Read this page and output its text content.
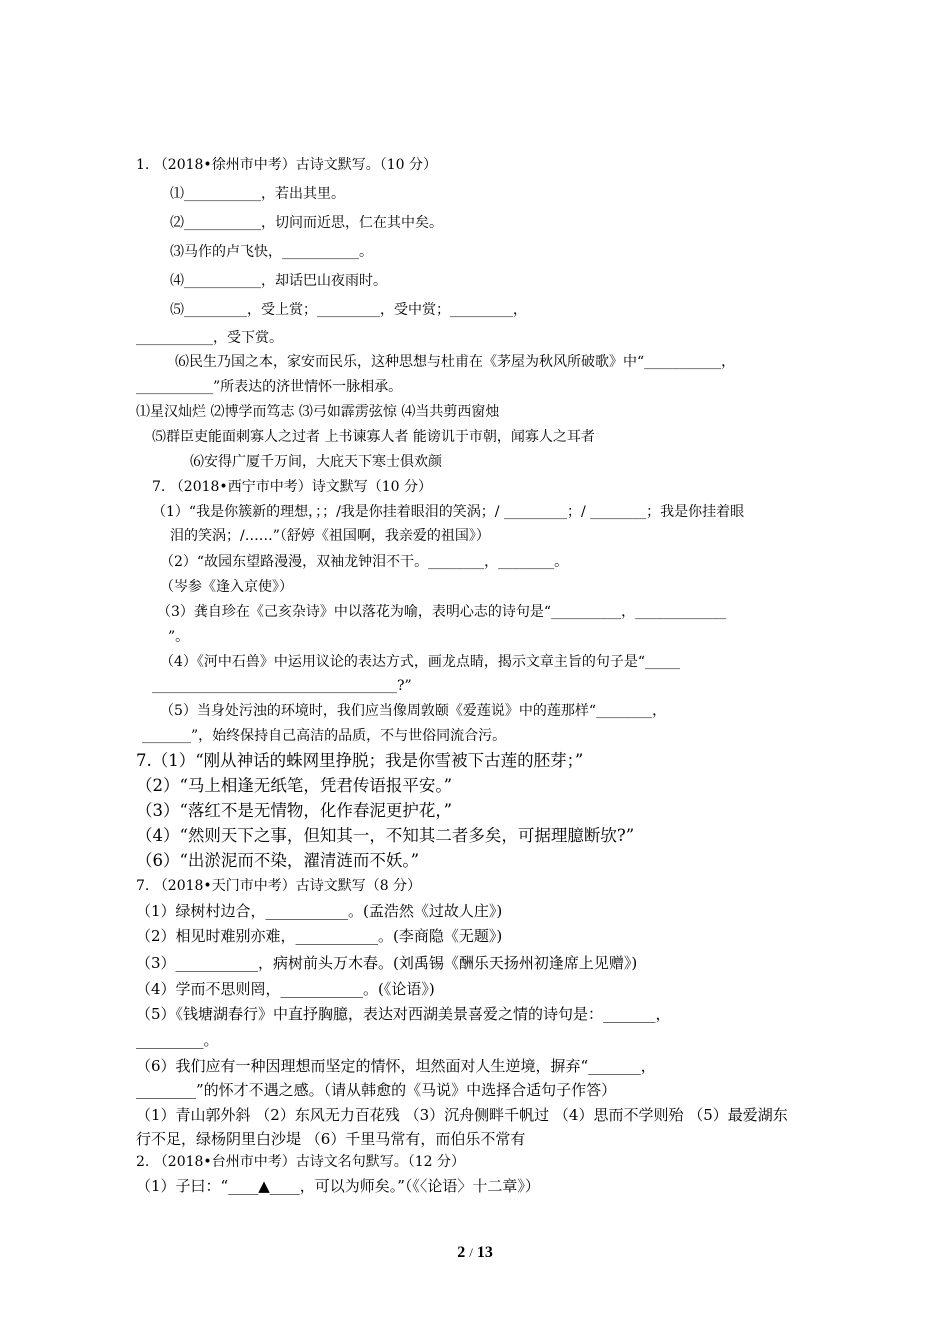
1. （2018•徐州市中考）古诗文默写。（10 分）
⑴___________，若出其里。
⑵___________，切问而近思，仁在其中矣。
⑶马作的卢飞快，___________。
⑷___________，却话巴山夜雨时。
⑸_________，受上赏；_________，受中赏；_________，
___________，受下赏。
⑹民生乃国之本，家安而民乐，这种思想与杜甫在《茅屋为秋风所破歌》中“___________，
___________”所表达的济世情怀一脉相承。
⑴星汉灿烂 ⑵博学而笃志 ⑶弓如霹雳弦惊 ⑷当共剪西窗烛
⑸群臣吏能面刺寡人之过者 上书谏寡人者 能谤讥于市朝，闻寡人之耳者
⑹安得广厦千万间，大庇天下寒士俱欢颜
7. （2018•西宁市中考）诗文默写（10 分）
（1）“我是你簇新的理想，；；/我是你挂着眼泪的笑涡；/ _________；/ ________；我是你挂着眼
泪的笑涡；/……”（舒婷《祖国啊，我亲爱的祖国》）
（2）“故园东望路漫漫，双袖龙钟泪不干。________，________。
（岑参《逢入京使》）
（3）龚自珍在《己亥杂诗》中以落花为喻，表明心志的诗句是“__________，_____________
”。
（4）《河中石兽》中运用议论的表达方式，画龙点睛，揭示文章主旨的句子是“_____
___________________________________?”
（5）当身处污浊的环境时，我们应当像周敦颐《爱莲说》中的莲那样“________，
_______”，始终保持自己高洁的品质，不与世俗同流合污。
7.（1）“刚从神话的蛛网里挣脱；我是你雪被下古莲的胚芽；”
（2）“马上相逢无纸笔，凭君传语报平安。”
（3）“落红不是无情物，化作春泥更护花，”
（4）“然则天下之事，但知其一，不知其二者多矣，可据理臆断欤?”
（6）“出淤泥而不染，濯清涟而不妖。”
7. （2018•天门市中考）古诗文默写（8 分）
（1）绿树村边合，___________。(孟浩然《过故人庄》)
（2）相见时难别亦难，___________。(李商隐《无题》)
（3）___________，病树前头万木春。(刘禹锡《酬乐天扬州初逢席上见赠》)
（4）学而不思则罔，___________。(《论语》)
（5）《钱塘湖春行》中直抒胸臆，表达对西湖美景喜爱之情的诗句是：_______，
_________。
（6）我们应有一种因理想而坚定的情怀，坦然面对人生逆境，摒弃“_______，
________”的怀才不遇之感。（请从韩愈的《马说》中选择合适句子作答）
（1）青山郭外斜 （2）东风无力百花残 （3）沉舟侧畔千帆过 （4）思而不学则殆 （5）最爱湖东
行不足，绿杨阴里白沙堤 （6）千里马常有，而伯乐不常有
2. （2018•台州市中考）古诗文名句默写。（12 分）
（1）子曰：“____▲____，可以为师矣。”（《〈论语〉十二章》）
2 / 13
